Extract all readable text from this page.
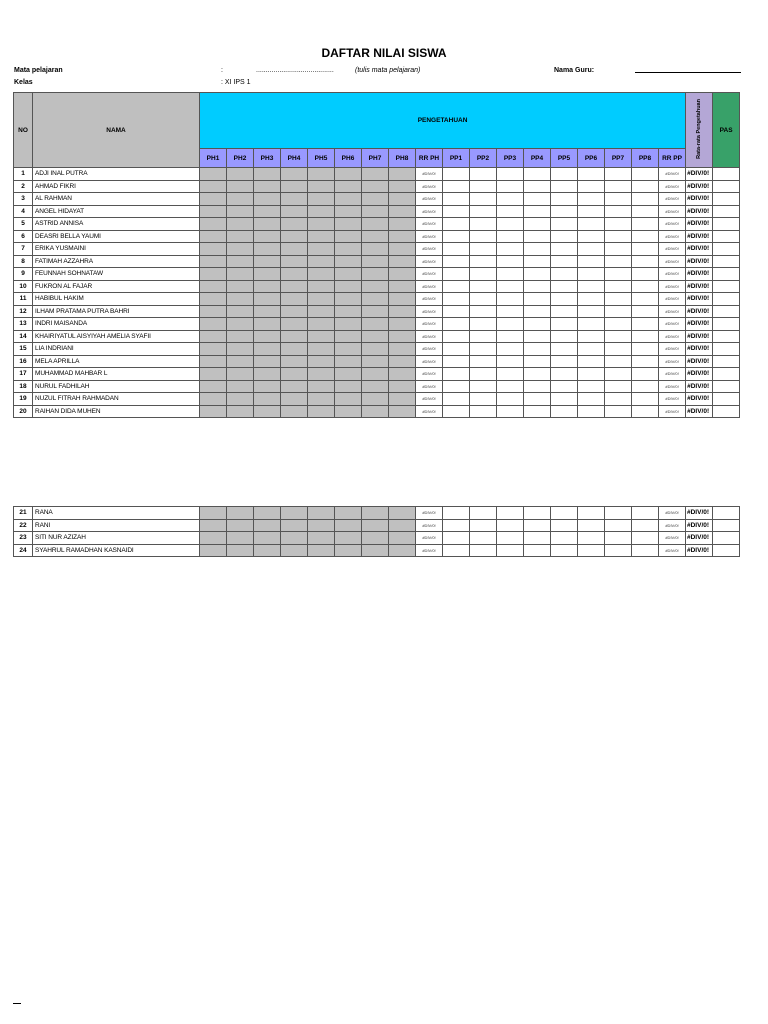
DAFTAR NILAI SISWA
Mata pelajaran	:	........................................	(tulis mata pelajaran)	Nama Guru:
Kelas	: XI IPS 1
NO	NAMA	PENGETAHUAN																		Rata-rata Pengetahuan	PAS
		PH1	PH2	PH3	PH4	PH5	PH6	PH7	PH8	RR PH	PP1	PP2	PP3	PP4	PP5	PP6	PP7	PP8	RR PP		
1	ADJI INAL PUTRA									#DIV/0!									#DIV/0!	#DIV/0!	
2	AHMAD FIKRI									#DIV/0!									#DIV/0!	#DIV/0!	
3	AL RAHMAN									#DIV/0!									#DIV/0!	#DIV/0!	
4	ANGEL HIDAYAT									#DIV/0!									#DIV/0!	#DIV/0!	
5	ASTRID ANNISA									#DIV/0!									#DIV/0!	#DIV/0!	
6	DEASRI BELLA YAUMI									#DIV/0!									#DIV/0!	#DIV/0!	
7	ERIKA YUSMAINI									#DIV/0!									#DIV/0!	#DIV/0!	
8	FATIMAH AZZAHRA									#DIV/0!									#DIV/0!	#DIV/0!	
9	FEUNNAH SOHNATAW									#DIV/0!									#DIV/0!	#DIV/0!	
10	FUKRON AL FAJAR									#DIV/0!									#DIV/0!	#DIV/0!	
11	HABIBUL HAKIM									#DIV/0!									#DIV/0!	#DIV/0!	
12	ILHAM PRATAMA PUTRA BAHRI									#DIV/0!									#DIV/0!	#DIV/0!	
13	INDRI MAISANDA									#DIV/0!									#DIV/0!	#DIV/0!	
14	KHAIRIYATUL AISYIYAH AMELIA SYAFII									#DIV/0!									#DIV/0!	#DIV/0!	
15	LIA INDRIANI									#DIV/0!									#DIV/0!	#DIV/0!	
16	MELA APRILLA									#DIV/0!									#DIV/0!	#DIV/0!	
17	MUHAMMAD MAHBAR L									#DIV/0!									#DIV/0!	#DIV/0!	
18	NURUL FADHILAH									#DIV/0!									#DIV/0!	#DIV/0!	
19	NUZUL FITRAH RAHMADAN									#DIV/0!									#DIV/0!	#DIV/0!	
20	RAIHAN DIDA MUHEN									#DIV/0!									#DIV/0!	#DIV/0!	
21	RANA									#DIV/0!									#DIV/0!	#DIV/0!	
22	RANI									#DIV/0!									#DIV/0!	#DIV/0!	
23	SITI NUR AZIZAH									#DIV/0!									#DIV/0!	#DIV/0!	
24	SYAHRUL RAMADHAN KASNAIDI									#DIV/0!									#DIV/0!	#DIV/0!	
